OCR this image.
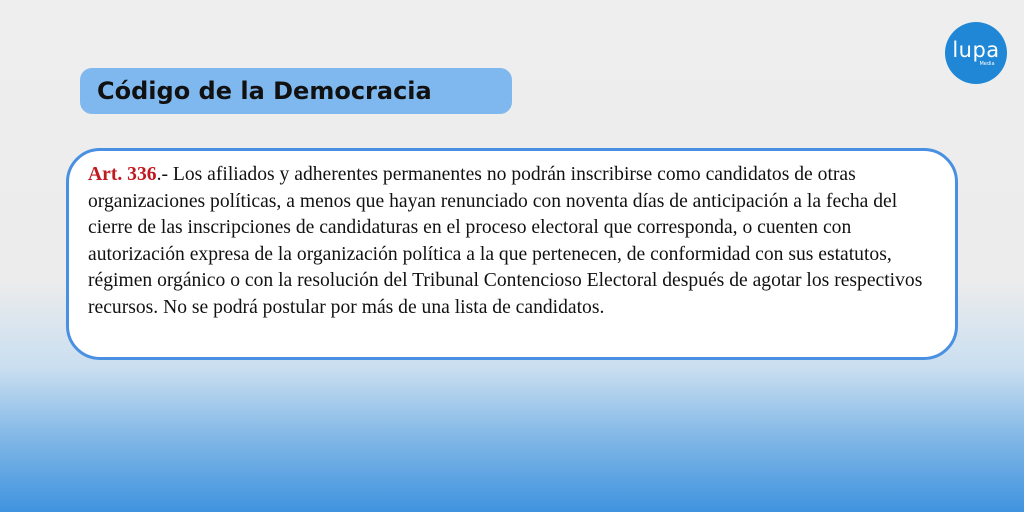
lupa
Media
Código de la Democracia

Art. 336.- Los afiliados y adherentes permanentes no podrán inscribirse como candidatos de otras organizaciones políticas, a menos que hayan renunciado con noventa días de anticipación a la fecha del cierre de las inscripciones de candidaturas en el proceso electoral que corresponda, o cuenten con autorización expresa de la organización política a la que pertenecen, de conformidad con sus estatutos, régimen orgánico o con la resolución del Tribunal Contencioso Electoral después de agotar los respectivos recursos. No se podrá postular por más de una lista de candidatos.
